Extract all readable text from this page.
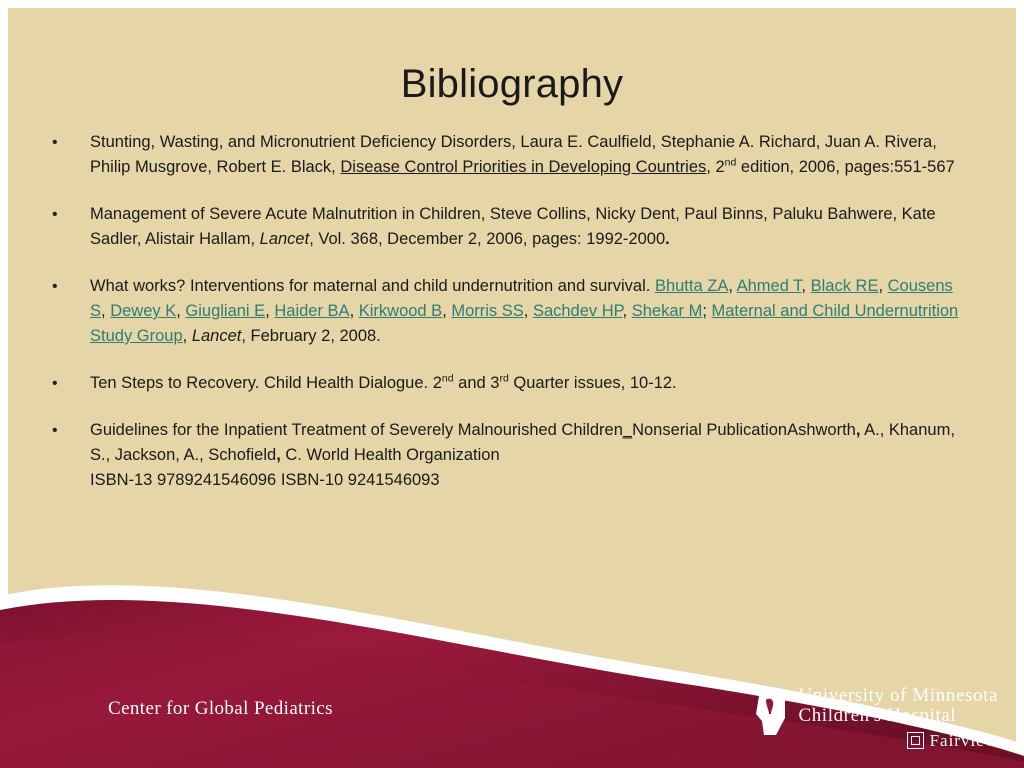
Bibliography
•	Stunting, Wasting, and Micronutrient Deficiency Disorders, Laura E. Caulfield, Stephanie A. Richard, Juan A. Rivera, Philip Musgrove, Robert E. Black, Disease Control Priorities in Developing Countries, 2nd edition, 2006, pages:551-567
•	Management of Severe Acute Malnutrition in Children, Steve Collins, Nicky Dent, Paul Binns, Paluku Bahwere, Kate Sadler, Alistair Hallam, Lancet, Vol. 368, December 2, 2006, pages: 1992-2000.
•	What works? Interventions for maternal and child undernutrition and survival. Bhutta ZA, Ahmed T, Black RE, Cousens S, Dewey K, Giugliani E, Haider BA, Kirkwood B, Morris SS, Sachdev HP, Shekar M; Maternal and Child Undernutrition Study Group, Lancet, February 2, 2008.
•	Ten Steps to Recovery. Child Health Dialogue. 2nd and 3rd Quarter issues, 10-12.
•	Guidelines for the Inpatient Treatment of Severely Malnourished Children_Nonserial PublicationAshworth, A., Khanum, S., Jackson, A., Schofield, C. World Health Organization
ISBN-13 9789241546096 ISBN-10 9241546093
Center for Global Pediatrics
University of Minnesota
Children's Hospital
Fairview
